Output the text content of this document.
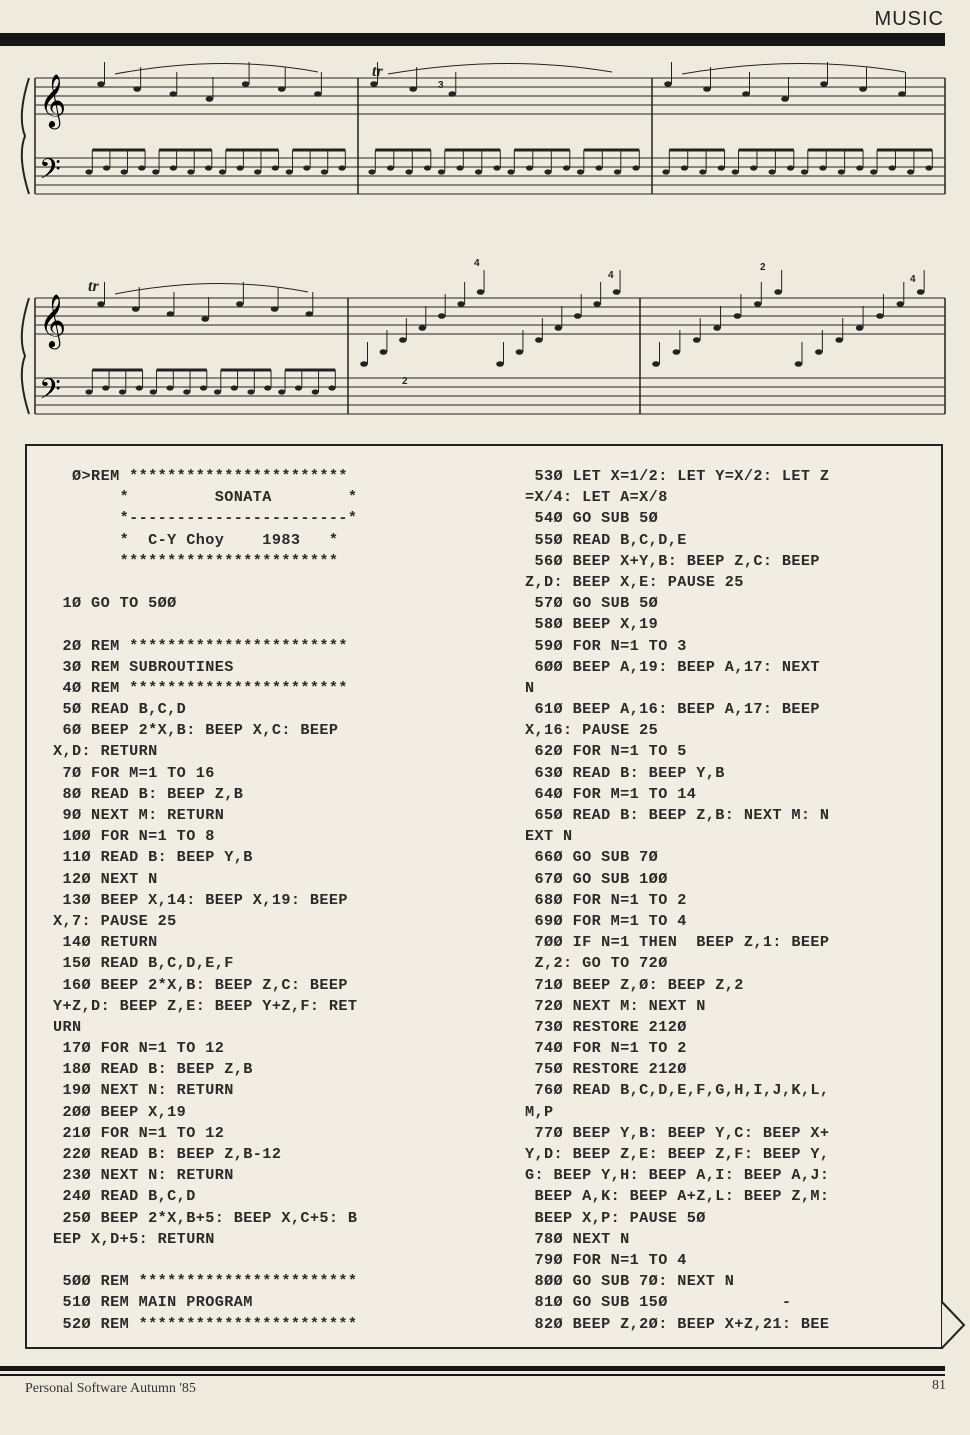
MUSIC
𝄞
𝄢
𝄞
𝄢
tr
tr
3
4
4
2
4
2
Ø>REM ***********************
*         SONATA        *
*-----------------------*
*  C-Y Choy    1983   *
***********************

1Ø GO TO 5ØØ

2Ø REM ***********************
3Ø REM SUBROUTINES
4Ø REM ***********************
5Ø READ B,C,D
6Ø BEEP 2*X,B: BEEP X,C: BEEP
X,D: RETURN
7Ø FOR M=1 TO 16
8Ø READ B: BEEP Z,B
9Ø NEXT M: RETURN
1ØØ FOR N=1 TO 8
11Ø READ B: BEEP Y,B
12Ø NEXT N
13Ø BEEP X,14: BEEP X,19: BEEP
X,7: PAUSE 25
14Ø RETURN
15Ø READ B,C,D,E,F
16Ø BEEP 2*X,B: BEEP Z,C: BEEP
Y+Z,D: BEEP Z,E: BEEP Y+Z,F: RET
URN
17Ø FOR N=1 TO 12
18Ø READ B: BEEP Z,B
19Ø NEXT N: RETURN
2ØØ BEEP X,19
21Ø FOR N=1 TO 12
22Ø READ B: BEEP Z,B-12
23Ø NEXT N: RETURN
24Ø READ B,C,D
25Ø BEEP 2*X,B+5: BEEP X,C+5: B
EEP X,D+5: RETURN

5ØØ REM ***********************
51Ø REM MAIN PROGRAM
52Ø REM ***********************
53Ø LET X=1/2: LET Y=X/2: LET Z
=X/4: LET A=X/8
54Ø GO SUB 5Ø
55Ø READ B,C,D,E
56Ø BEEP X+Y,B: BEEP Z,C: BEEP
Z,D: BEEP X,E: PAUSE 25
57Ø GO SUB 5Ø
58Ø BEEP X,19
59Ø FOR N=1 TO 3
6ØØ BEEP A,19: BEEP A,17: NEXT
N
61Ø BEEP A,16: BEEP A,17: BEEP
X,16: PAUSE 25
62Ø FOR N=1 TO 5
63Ø READ B: BEEP Y,B
64Ø FOR M=1 TO 14
65Ø READ B: BEEP Z,B: NEXT M: N
EXT N
66Ø GO SUB 7Ø
67Ø GO SUB 1ØØ
68Ø FOR N=1 TO 2
69Ø FOR M=1 TO 4
7ØØ IF N=1 THEN  BEEP Z,1: BEEP
Z,2: GO TO 72Ø
71Ø BEEP Z,Ø: BEEP Z,2
72Ø NEXT M: NEXT N
73Ø RESTORE 212Ø
74Ø FOR N=1 TO 2
75Ø RESTORE 212Ø
76Ø READ B,C,D,E,F,G,H,I,J,K,L,
M,P
77Ø BEEP Y,B: BEEP Y,C: BEEP X+
Y,D: BEEP Z,E: BEEP Z,F: BEEP Y,
G: BEEP Y,H: BEEP A,I: BEEP A,J:
BEEP A,K: BEEP A+Z,L: BEEP Z,M:
BEEP X,P: PAUSE 5Ø
78Ø NEXT N
79Ø FOR N=1 TO 4
8ØØ GO SUB 7Ø: NEXT N
81Ø GO SUB 15Ø            -
82Ø BEEP Z,2Ø: BEEP X+Z,21: BEE
Personal Software Autumn '85	81
